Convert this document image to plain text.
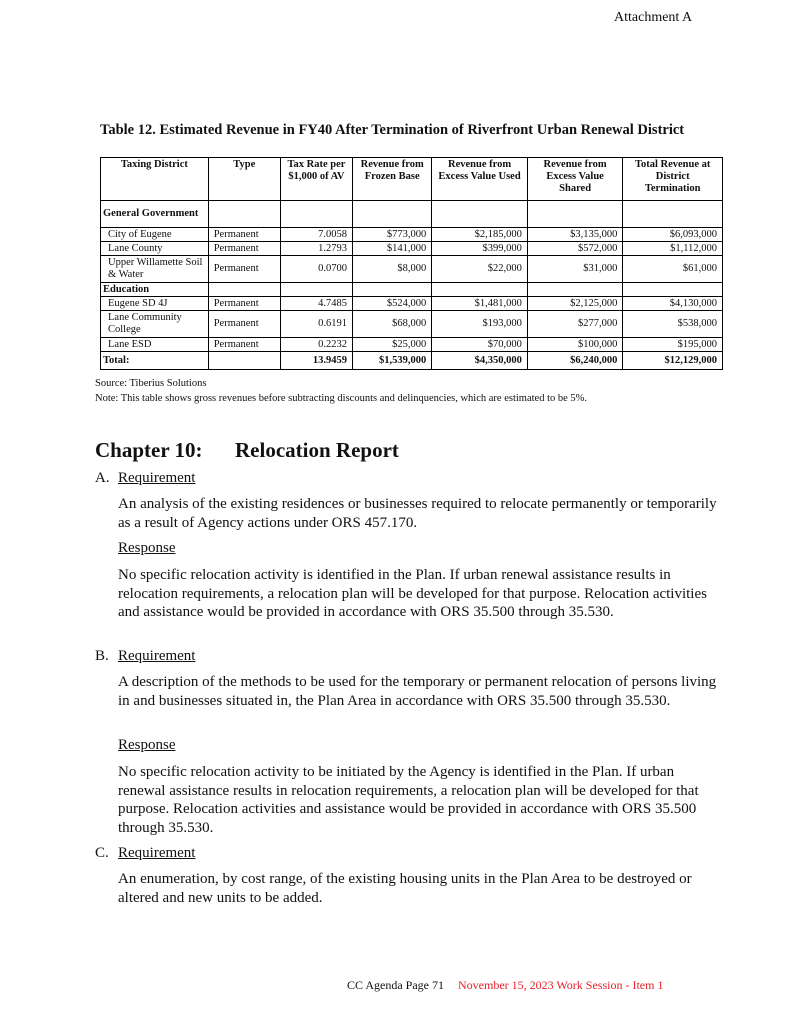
Attachment A
Table 12. Estimated Revenue in FY40 After Termination of Riverfront Urban Renewal District
Taxing District	Type	Tax Rate per $1,000 of AV	Revenue from Frozen Base	Revenue from Excess Value Used	Revenue from Excess Value Shared	Total Revenue at District Termination
General Government						
City of Eugene	Permanent	7.0058	$773,000	$2,185,000	$3,135,000	$6,093,000
Lane County	Permanent	1.2793	$141,000	$399,000	$572,000	$1,112,000
Upper Willamette Soil & Water	Permanent	0.0700	$8,000	$22,000	$31,000	$61,000
Education						
Eugene SD 4J	Permanent	4.7485	$524,000	$1,481,000	$2,125,000	$4,130,000
Lane Community College	Permanent	0.6191	$68,000	$193,000	$277,000	$538,000
Lane ESD	Permanent	0.2232	$25,000	$70,000	$100,000	$195,000
Total:		13.9459	$1,539,000	$4,350,000	$6,240,000	$12,129,000
Source: Tiberius Solutions
Note: This table shows gross revenues before subtracting discounts and delinquencies, which are estimated to be 5%.
Chapter 10: Relocation Report
A. Requirement
An analysis of the existing residences or businesses required to relocate permanently or temporarily as a result of Agency actions under ORS 457.170.
Response
No specific relocation activity is identified in the Plan. If urban renewal assistance results in relocation requirements, a relocation plan will be developed for that purpose. Relocation activities and assistance would be provided in accordance with ORS 35.500 through 35.530.
B. Requirement
A description of the methods to be used for the temporary or permanent relocation of persons living in and businesses situated in, the Plan Area in accordance with ORS 35.500 through 35.530.
Response
No specific relocation activity to be initiated by the Agency is identified in the Plan. If urban renewal assistance results in relocation requirements, a relocation plan will be developed for that purpose. Relocation activities and assistance would be provided in accordance with ORS 35.500 through 35.530.
C. Requirement
An enumeration, by cost range, of the existing housing units in the Plan Area to be destroyed or altered and new units to be added.
CC Agenda Page 71 November 15, 2023 Work Session - Item 1
